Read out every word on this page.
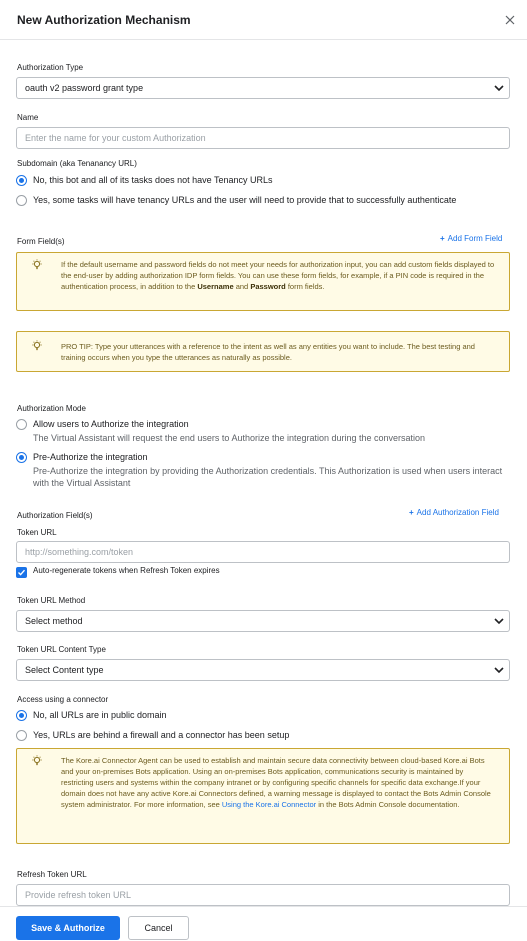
New Authorization Mechanism
Authorization Type
oauth v2 password grant type
Name
Enter the name for your custom Authorization
Subdomain (aka Tenanancy URL)
No, this bot and all of its tasks does not have Tenancy URLs
Yes, some tasks will have tenancy URLs and the user will need to provide that to successfully authenticate
Form Field(s)	+ Add Form Field
If the default username and password fields do not meet your needs for authorization input, you can add custom fields displayed to the end-user by adding authorization IDP form fields. You can use these form fields, for example, if a PIN code is required in the authentication process, in addition to the Username and Password form fields.
PRO TIP: Type your utterances with a reference to the intent as well as any entities you want to include. The best testing and training occurs when you type the utterances as naturally as possible.
Authorization Mode
Allow users to Authorize the integration
The Virtual Assistant will request the end users to Authorize the integration during the conversation
Pre-Authorize the integration
Pre-Authorize the integration by providing the Authorization credentials. This Authorization is used when users interact with the Virtual Assistant
Authorization Field(s)	+ Add Authorization Field
Token URL
http://something.com/token
Auto-regenerate tokens when Refresh Token expires
Token URL Method
Select method
Token URL Content Type
Select Content type
Access using a connector
No, all URLs are in public domain
Yes, URLs are behind a firewall and a connector has been setup
The Kore.ai Connector Agent can be used to establish and maintain secure data connectivity between cloud-based Kore.ai Bots and your on-premises Bots application. Using an on-premises Bots application, communications security is maintained by restricting users and systems within the company intranet or by configuring specific channels for specific data exchange.If your domain does not have any active Kore.ai Connectors defined, a warning message is displayed to contact the Bots Admin Console system administrator. For more information, see Using the Kore.ai Connector in the Bots Admin Console documentation.
Refresh Token URL
Provide refresh token URL
Save & Authorize	Cancel
